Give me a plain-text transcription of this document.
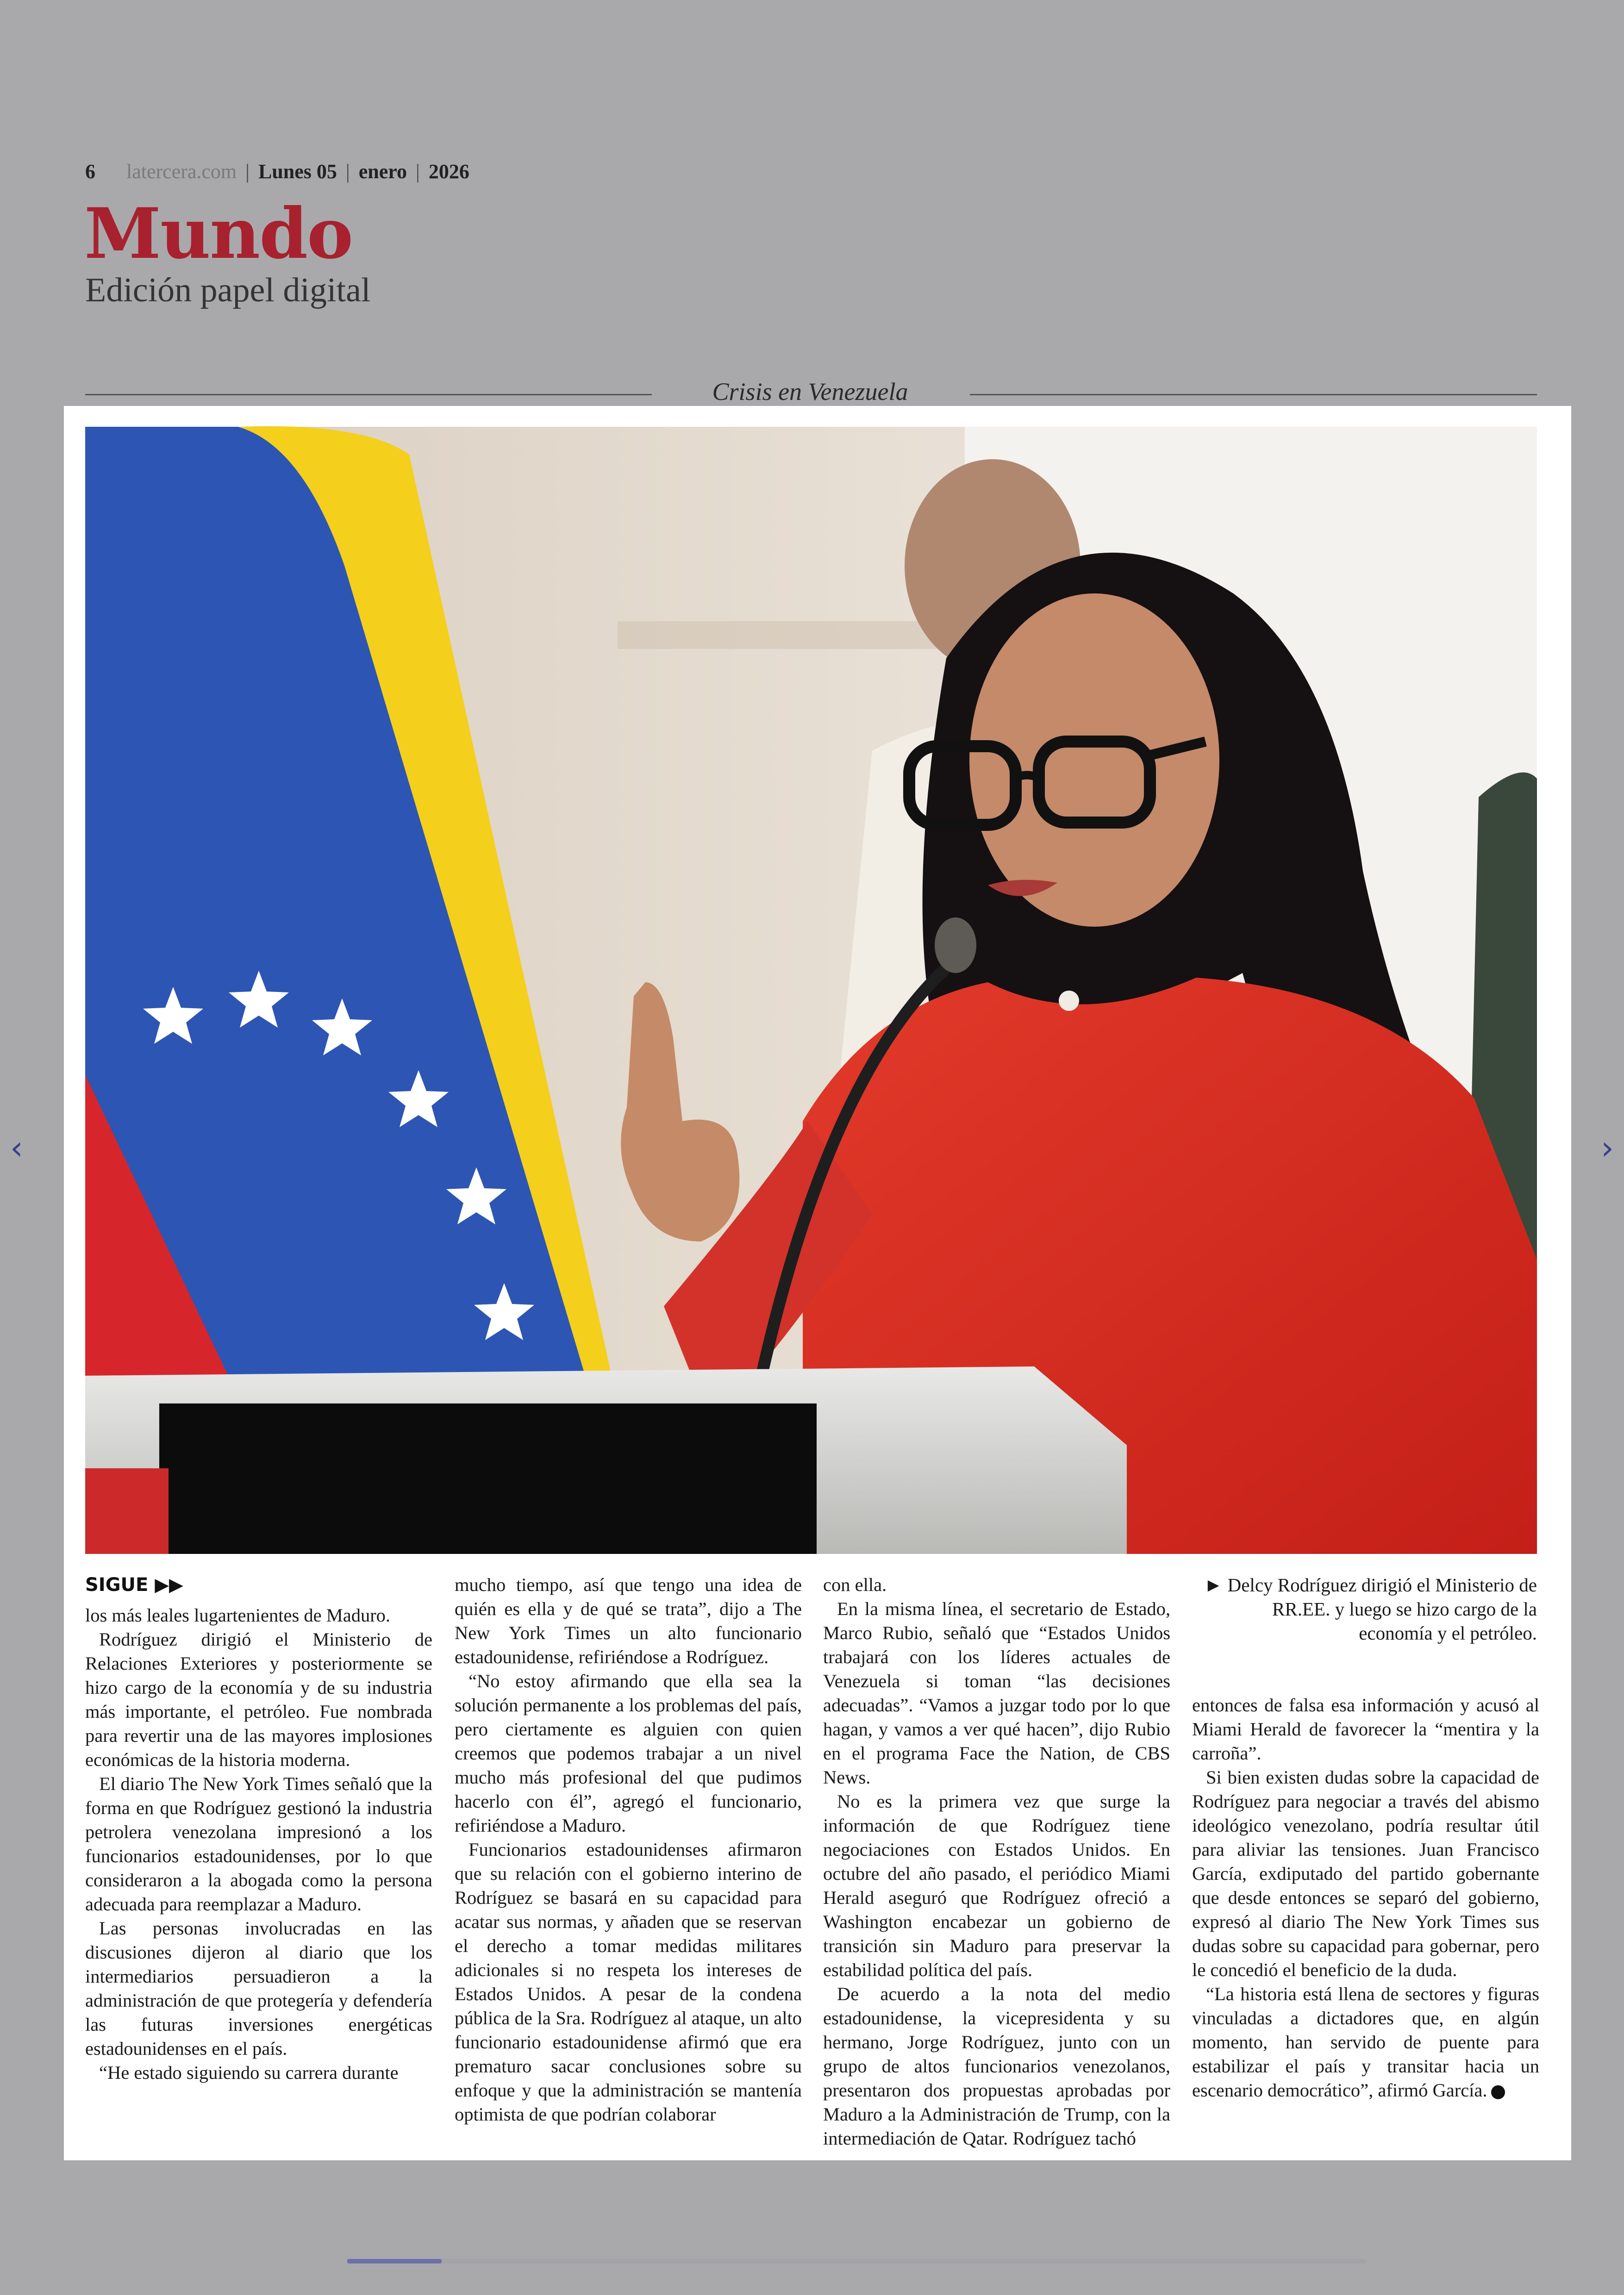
6 latercera.com | Lunes 05 | enero | 2026
Mundo
Edición papel digital
Crisis en Venezuela
SIGUE ▶▶

los más leales lugartenientes de Maduro.

Rodríguez dirigió el Ministerio de Relaciones Exteriores y posteriormente se hizo cargo de la economía y de su industria más importante, el petróleo. Fue nombrada para revertir una de las mayores implosiones económicas de la historia moderna.

El diario The New York Times señaló que la forma en que Rodríguez gestionó la industria petrolera venezolana impresionó a los funcionarios estadounidenses, por lo que consideraron a la abogada como la persona adecuada para reemplazar a Maduro.

Las personas involucradas en las discusiones dijeron al diario que los intermediarios persuadieron a la administración de que protegería y defendería las futuras inversiones energéticas estadounidenses en el país.

“He estado siguiendo su carrera durante

mucho tiempo, así que tengo una idea de quién es ella y de qué se trata”, dijo a The New York Times un alto funcionario estadounidense, refiriéndose a Rodríguez.

“No estoy afirmando que ella sea la solución permanente a los problemas del país, pero ciertamente es alguien con quien creemos que podemos trabajar a un nivel mucho más profesional del que pudimos hacerlo con él”, agregó el funcionario, refiriéndose a Maduro.

Funcionarios estadounidenses afirmaron que su relación con el gobierno interino de Rodríguez se basará en su capacidad para acatar sus normas, y añaden que se reservan el derecho a tomar medidas militares adicionales si no respeta los intereses de Estados Unidos. A pesar de la condena pública de la Sra. Rodríguez al ataque, un alto funcionario estadounidense afirmó que era prematuro sacar conclusiones sobre su enfoque y que la administración se mantenía optimista de que podrían colaborar

con ella.

En la misma línea, el secretario de Estado, Marco Rubio, señaló que “Estados Unidos trabajará con los líderes actuales de Venezuela si toman “las decisiones adecuadas”. “Vamos a juzgar todo por lo que hagan, y vamos a ver qué hacen”, dijo Rubio en el programa Face the Nation, de CBS News.

No es la primera vez que surge la información de que Rodríguez tiene negociaciones con Estados Unidos. En octubre del año pasado, el periódico Miami Herald aseguró que Rodríguez ofreció a Washington encabezar un gobierno de transición sin Maduro para preservar la estabilidad política del país.

De acuerdo a la nota del medio estadounidense, la vicepresidenta y su hermano, Jorge Rodríguez, junto con un grupo de altos funcionarios venezolanos, presentaron dos propuestas aprobadas por Maduro a la Administración de Trump, con la intermediación de Qatar. Rodríguez tachó

► Delcy Rodríguez dirigió el Ministerio de RR.EE. y luego se hizo cargo de la economía y el petróleo.

entonces de falsa esa información y acusó al Miami Herald de favorecer la “mentira y la carroña”.

Si bien existen dudas sobre la capacidad de Rodríguez para negociar a través del abismo ideológico venezolano, podría resultar útil para aliviar las tensiones. Juan Francisco García, exdiputado del partido gobernante que desde entonces se separó del gobierno, expresó al diario The New York Times sus dudas sobre su capacidad para gobernar, pero le concedió el beneficio de la duda.

“La historia está llena de sectores y figuras vinculadas a dictadores que, en algún momento, han servido de puente para estabilizar el país y transitar hacia un escenario democrático”, afirmó García.

‹	›
